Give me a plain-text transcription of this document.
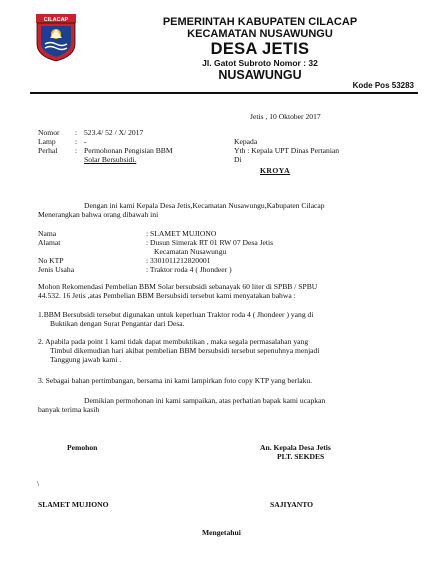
CILACAP	PEMERINTAH KABUPATEN CILACAP
KECAMATAN NUSAWUNGU
DESA JETIS
Jl. Gatot Subroto Nomor : 32
NUSAWUNGU
Kode Pos 53283
Jetis , 10 Oktober 2017
Nomor : 523.4/ 52 / X/ 2017
Lamp	: -
Perhal : Permohonan Pengisian BBM
Solar Bersubsidi.
Kepada
Yth : Kepala UPT Dinas Pertanian
Di
KROYA
Dengan ini kami Kepala Desa Jetis,Kecamatan Nusawungu,Kabupaten Cilacap
Menerangkan bahwa orang dibawah ini
Nama	: SLAMET MUJIONO
Alamat	: Dusun Simerak RT 01 RW 07 Desa Jetis
Kecamatan Nusawungu
No KTP	: 3301011212820001
Jenis Usaha	: Traktor roda 4 ( Jhondeer )
Mohon Rekomendasi Pembelian BBM Solar bersubsidi sebanayak 60 liter di SPBB / SPBU
44.532. 16 Jetis ,atas Pembelian BBM Bersubsidi tersebut kami menyatakan bahwa :
1.BBM Bersubsidi tersebut digunakan untuk keperluan Traktor roda 4 ( Jhondeer ) yang di
Buktikan dengan Surat Pengantar dari Desa.
2. Apabila pada point 1 kami tidak dapat membuktikan , maka segala permasalahan yang
Timbul dikemudian hari akibat pembelian BBM bersubsidi tersebut sepenuhnya menjadi
Tanggung jawab kami .
3. Sebagai bahan pertimbangan, bersama ini kami lampirkan foto copy KTP yang berlaku.
Demikian permohonan ini kami sampaikan, atas perhatian bapak kami ucapkan
banyak terima kasih
Pemohon	An. Kepala Desa Jetis
PLT. SEKDES
\
SLAMET MUJIONO	SAJIYANTO
Mengetahui
